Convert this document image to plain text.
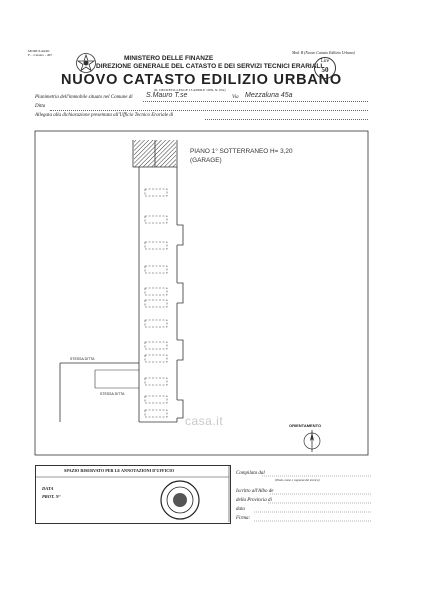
MODULARIO
F. - Catasto - 497
MINISTERO DELLE FINANZE
DIREZIONE GENERALE DEL CATASTO E DEI SERVIZI TECNICI ERARIALI
NUOVO CATASTO EDILIZIO URBANO
(R. DECRETO-LEGGE 13 APRILE 1939, N. 652)
Mod. B (Nuovo Catasto Edilizio Urbano)
Lire
50
Planimetria dell'immobile situato nel Comune di S.Mauro T.se	Via Mezzaluna 45a
Ditta
Allegata alla dichiarazione presentata all'Ufficio Tecnico Erariale di
PIANO 1° SOTTERRANEO H= 3,20
(GARAGE)
STESSA DITTA
STESSA DITTA
ORIENTAMENTO
casa.it
SPAZIO RISERVATO PER LE ANNOTAZIONI D'UFFICIO
DATA
PROT. N°
Compilata dal
(Titolo, nome e cognome del tecnico)
Iscritto all'Albo de
della Provincia di
data
Firma:
